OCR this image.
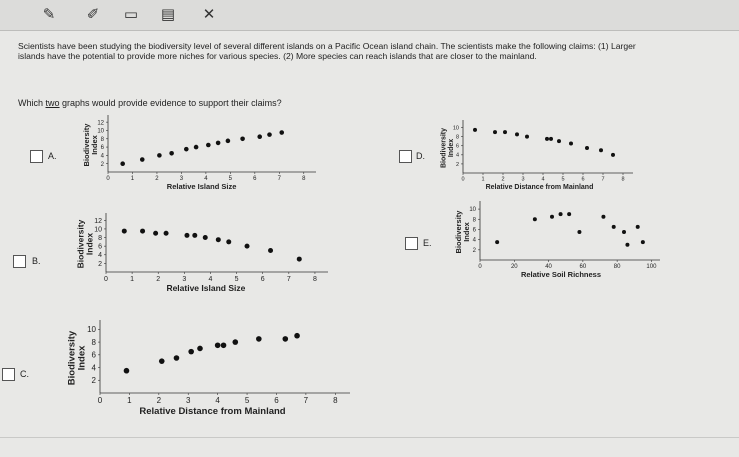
✎	✐	▭	▤	✕
Scientists have been studying the biodiversity level of several different islands on a Pacific Ocean island chain. The scientists make the following claims: (1) Larger islands have the potential to provide more niches for various species. (2) More species can reach islands that are closer to the mainland.
Which two graphs would provide evidence to support their claims?
A.
B.
C.
D.
E.
0	1	2	3	4	5	6	7	8
2
4
6
8
10
12
Relative Island Size
BiodiversityIndex
0	1	2	3	4	5	6	7	8
2
4
6
8
10
12
Relative Island Size
BiodiversityIndex
0	1	2	3	4	5	6	7	8
2
4
6
8
10
Relative Distance from Mainland
BiodiversityIndex
0	1	2	3	4	5	6	7	8
2
4
6
8
10
Relative Distance from Mainland
BiodiversityIndex
0	20	40	60	80	100
2
4
6
8
10
Relative Soil Richness
BiodiversityIndex
